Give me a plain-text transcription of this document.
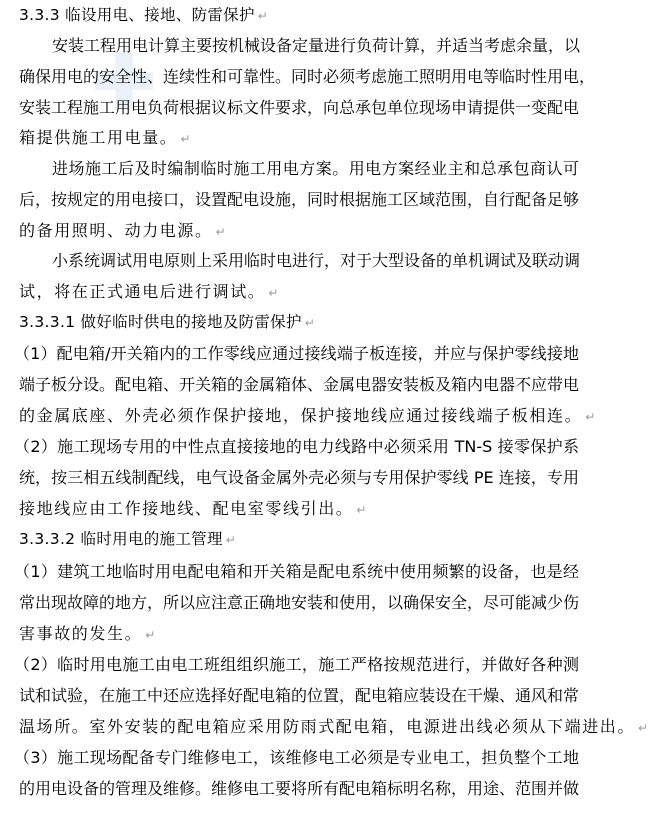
3.3.3 临设用电、接地、防雷保护 ↵
安装工程用电计算主要按机械设备定量进行负荷计算，并适当考虑余量，以
确保用电的安全性、连续性和可靠性。同时必须考虑施工照明用电等临时性用电，
安装工程施工用电负荷根据议标文件要求，向总承包单位现场申请提供一变配电
箱提供施工用电量。 ↵
进场施工后及时编制临时施工用电方案。用电方案经业主和总承包商认可
后，按规定的用电接口，设置配电设施，同时根据施工区域范围，自行配备足够
的备用照明、动力电源。 ↵
小系统调试用电原则上采用临时电进行，对于大型设备的单机调试及联动调
试，将在正式通电后进行调试。 ↵
3.3.3.1 做好临时供电的接地及防雷保护 ↵
（1）配电箱/开关箱内的工作零线应通过接线端子板连接，并应与保护零线接地
端子板分设。配电箱、开关箱的金属箱体、金属电器安装板及箱内电器不应带电
的金属底座、外壳必须作保护接地，保护接地线应通过接线端子板相连。 ↵
（2）施工现场专用的中性点直接接地的电力线路中必须采用 TN-S 接零保护系
统，按三相五线制配线，电气设备金属外壳必须与专用保护零线 PE 连接，专用
接地线应由工作接地线、配电室零线引出。 ↵
3.3.3.2 临时用电的施工管理 ↵
（1）建筑工地临时用电配电箱和开关箱是配电系统中使用频繁的设备，也是经
常出现故障的地方，所以应注意正确地安装和使用，以确保安全，尽可能减少伤
害事故的发生。 ↵
（2）临时用电施工由电工班组组织施工，施工严格按规范进行，并做好各种测
试和试验，在施工中还应选择好配电箱的位置，配电箱应装设在干燥、通风和常
温场所。室外安装的配电箱应采用防雨式配电箱，电源进出线必须从下端进出。 ↵
（3）施工现场配备专门维修电工，该维修电工必须是专业电工，担负整个工地
的用电设备的管理及维修。维修电工要将所有配电箱标明名称，用途、范围并做
